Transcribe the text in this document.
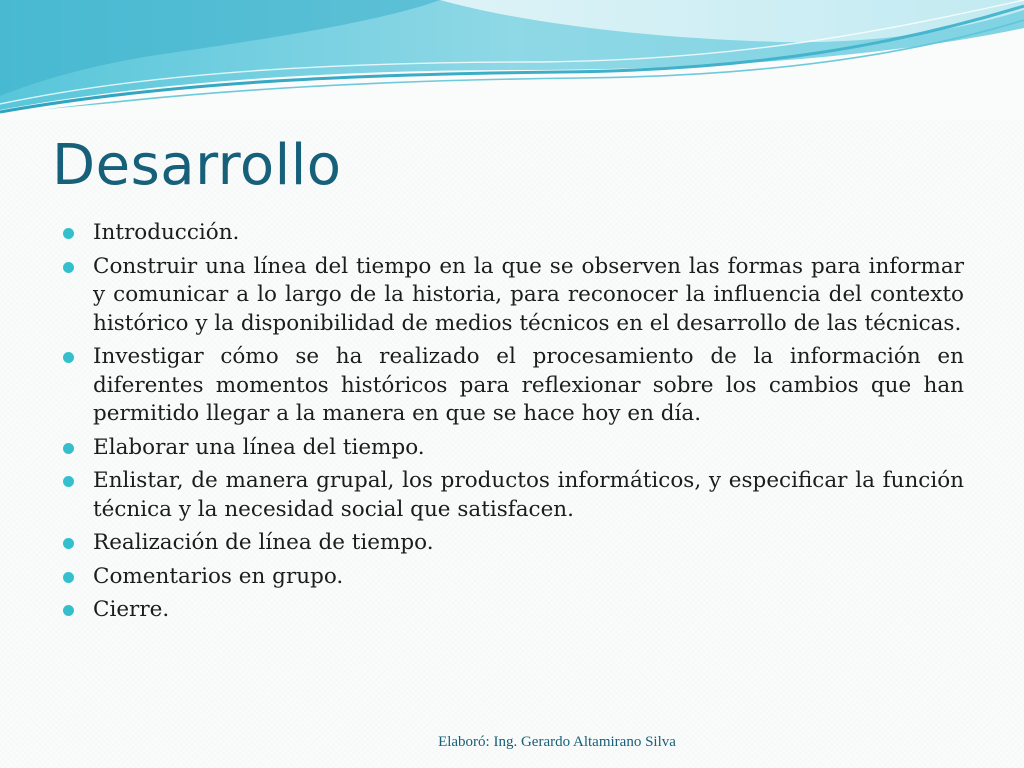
Desarrollo
Introducción.
Construir una línea del tiempo en la que se observen las formas para informar y comunicar a lo largo de la historia, para reconocer la influencia del contexto histórico y la disponibilidad de medios técnicos en el desarrollo de las técnicas.
Investigar cómo se ha realizado el procesamiento de la información en diferentes momentos históricos para reflexionar sobre los cambios que han permitido llegar a la manera en que se hace hoy en día.
Elaborar una línea del tiempo.
Enlistar, de manera grupal, los productos informáticos, y especificar la función técnica y la necesidad social que satisfacen.
Realización de línea de tiempo.
Comentarios en grupo.
Cierre.
Elaboró: Ing. Gerardo Altamirano Silva
